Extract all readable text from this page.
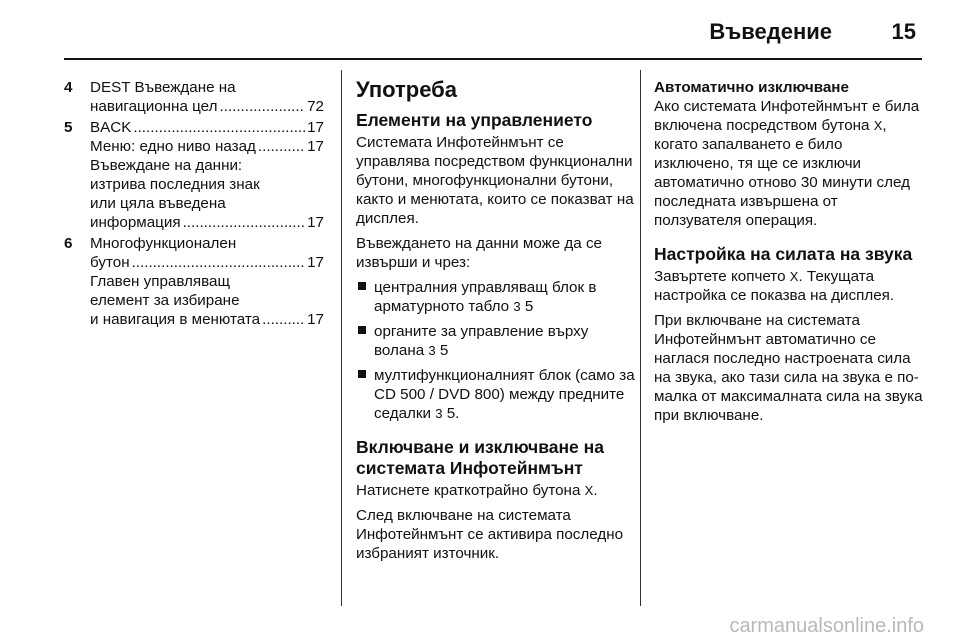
Въведение	15
4 DEST Въвеждане на
навигационна цел .....	72
5 BACK .....	17
Меню: едно ниво назад .....	17
Въвеждане на данни:
изтрива последния знак
или цяла въведена
информация .....	17
6 Многофункционален
бутон .....	17
Главен управляващ
елемент за избиране
и навигация в менютата .....	17
Употреба
Елементи на управлението

Системата Инфотейнмънт се управлява посредством функционални бутони, многофункционални бутони, както и менютата, които се показват на дисплея.

Въвеждането на данни може да се извърши и чрез:

централния управляващ блок в арматурното табло 3 5
органите за управление върху волана 3 5
мултифункционалният блок (само за CD 500 / DVD 800) между предните седалки 3 5.
Включване и изключване на системата Инфотейнмънт

Натиснете краткотрайно бутона X.

След включване на системата Инфотейнмънт се активира последно избраният източник.

Автоматично изключване

Ако системата Инфотейнмънт е била включена посредством бутона X, когато запалването е било изключено, тя ще се изключи автоматично отново 30 минути след последната извършена от ползувателя операция.

Настройка на силата на звука

Завъртете копчето X. Текущата настройка се показва на дисплея.

При включване на системата Инфотейнмънт автоматично се наглася последно настроената сила на звука, ако тази сила на звука е по-малка от максималната сила на звука при включване.

carmanualsonline.info
